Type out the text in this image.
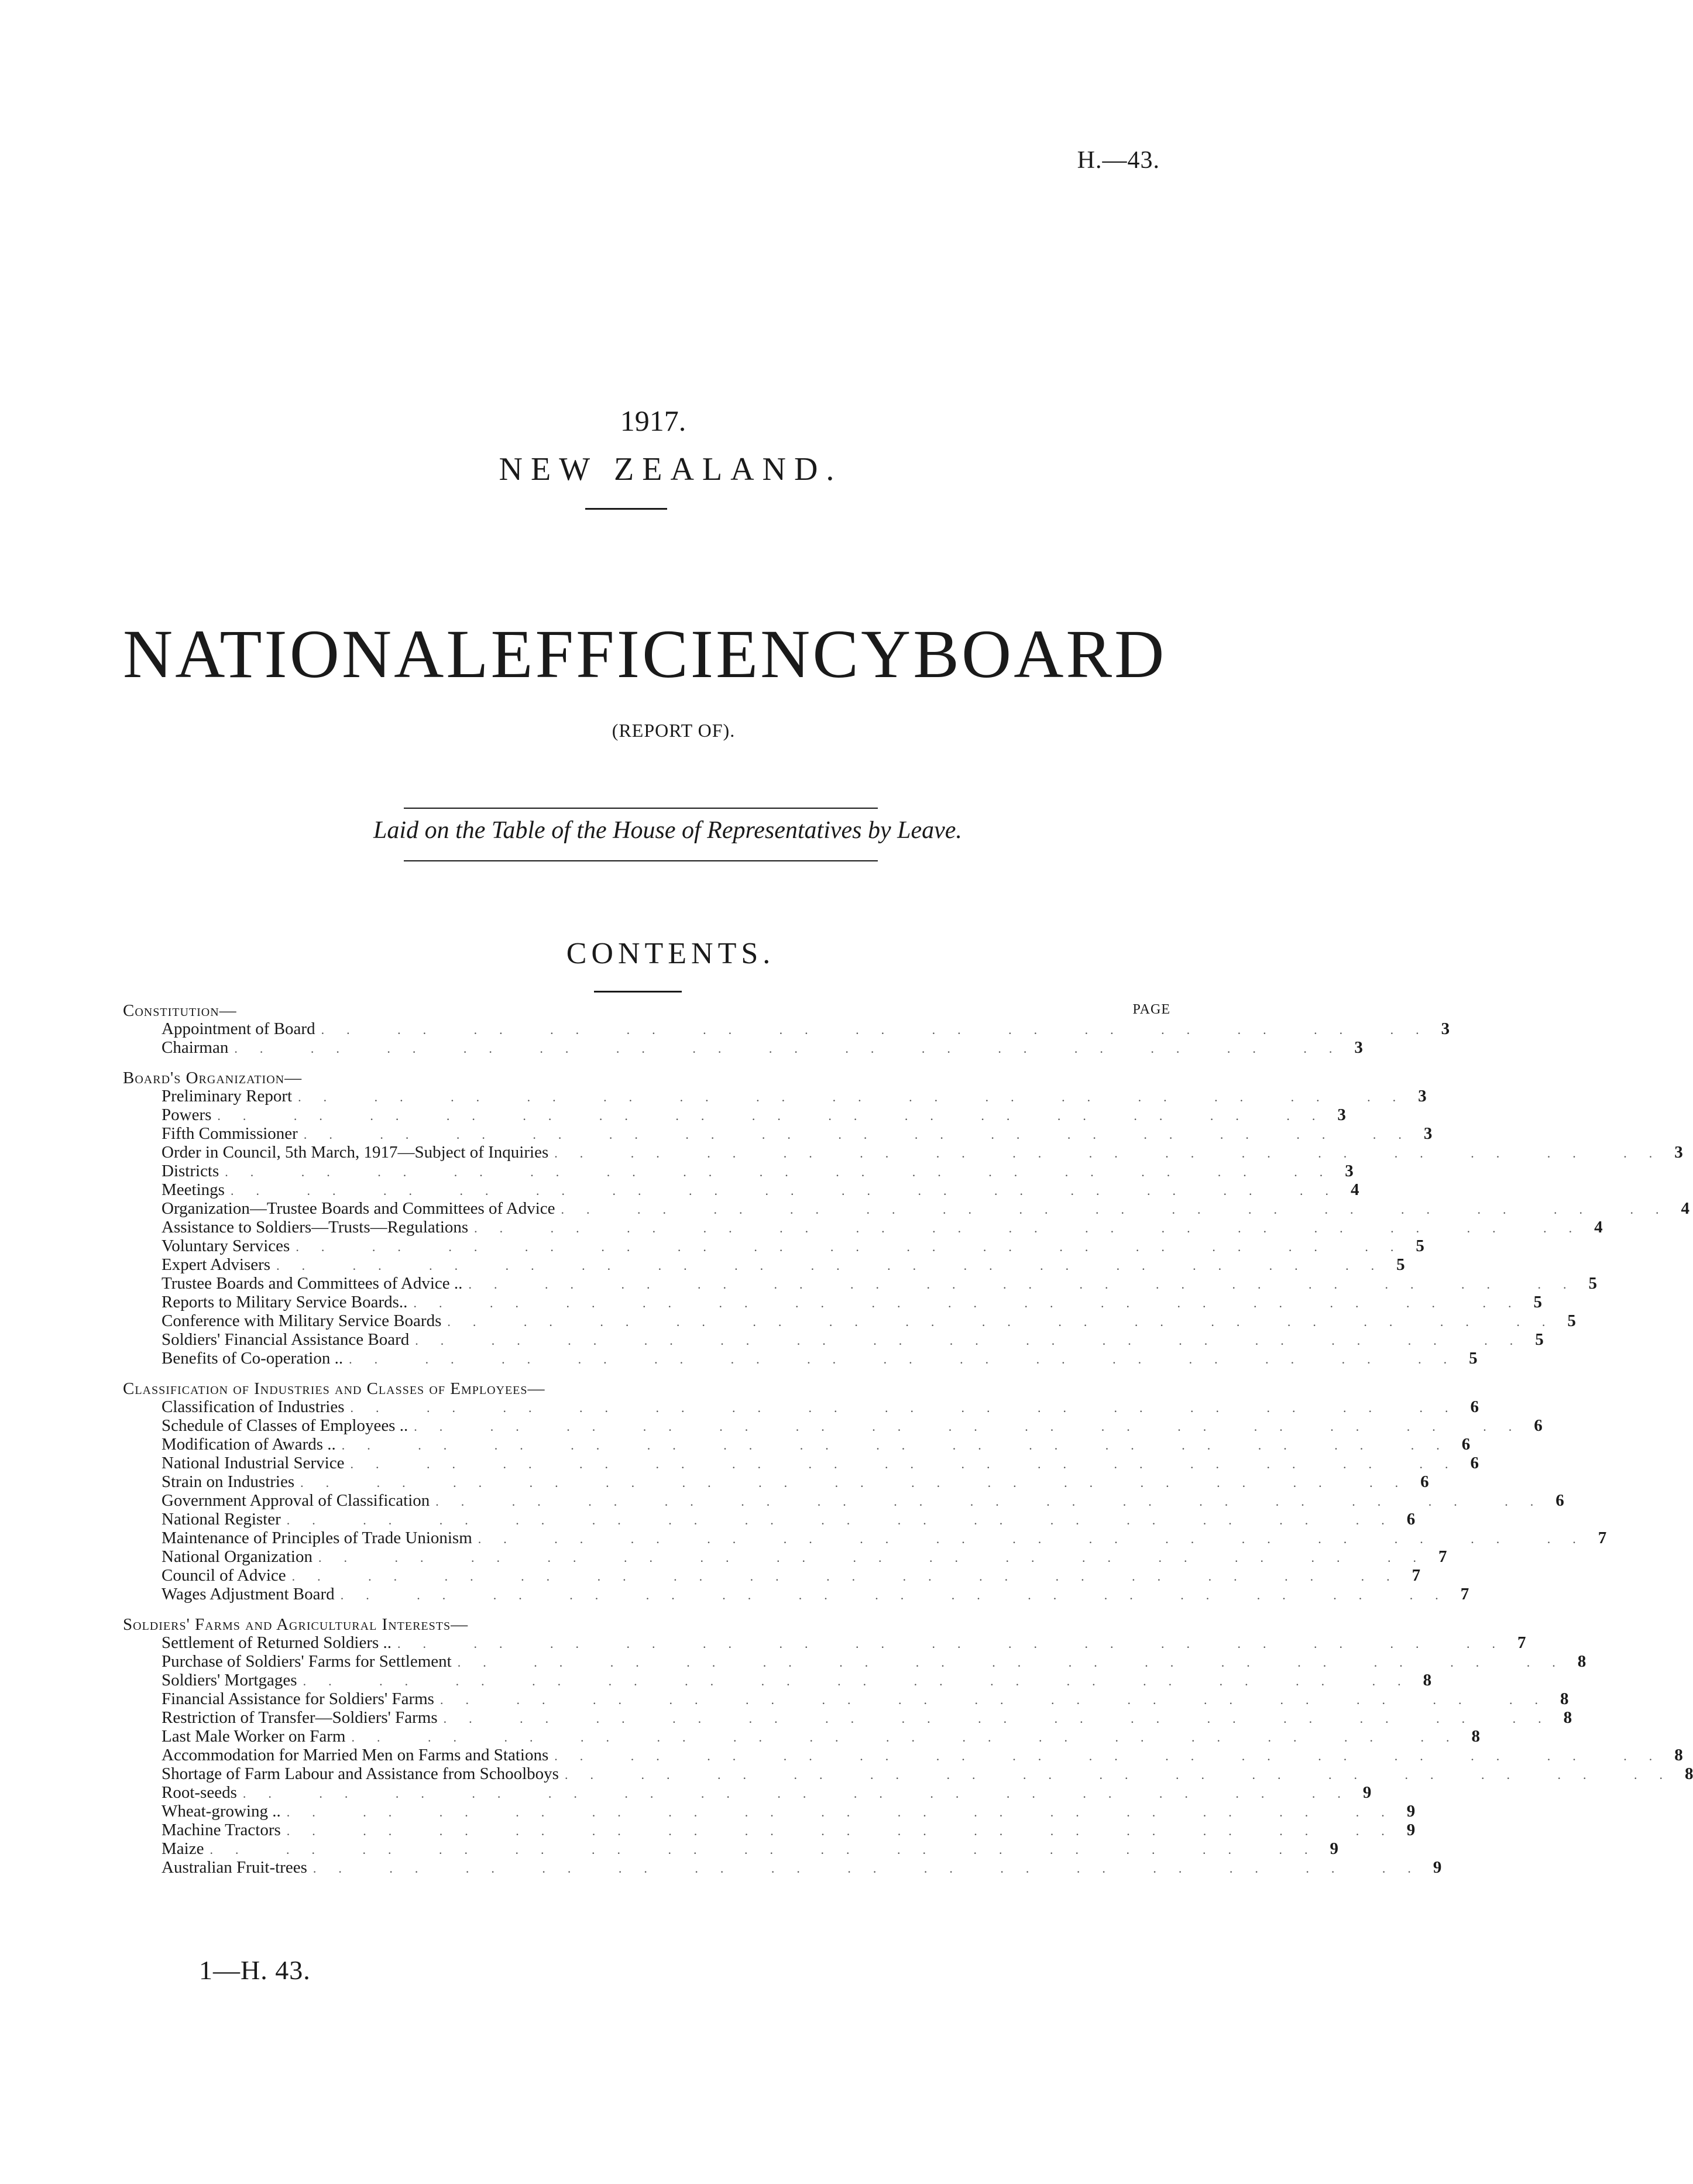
H.—43.
1917.
NEW ZEALAND.
NATIONAL EFFICIENCY BOARD
(REPORT OF).
Laid on the Table of the House of Representatives by Leave.
CONTENTS.
PAGE
Constitution—
Appointment of Board .. .. .. .. .. .. .. .. .. .. .. .. .. .. .. 3
Chairman .. .. .. .. .. .. .. .. .. .. .. .. .. .. .. 3
Board's Organization—
Preliminary Report .. .. .. .. .. .. .. .. .. .. .. .. .. .. .. 3
Powers .. .. .. .. .. .. .. .. .. .. .. .. .. .. .. 3
Fifth Commissioner .. .. .. .. .. .. .. .. .. .. .. .. .. .. .. 3
Order in Council, 5th March, 1917—Subject of Inquiries .. .. .. .. .. .. .. .. .. .. .. .. .. .. .. 3
Districts .. .. .. .. .. .. .. .. .. .. .. .. .. .. .. 3
Meetings .. .. .. .. .. .. .. .. .. .. .. .. .. .. .. 4
Organization—Trustee Boards and Committees of Advice .. .. .. .. .. .. .. .. .. .. .. .. .. .. .. 4
Assistance to Soldiers—Trusts—Regulations .. .. .. .. .. .. .. .. .. .. .. .. .. .. .. 4
Voluntary Services .. .. .. .. .. .. .. .. .. .. .. .. .. .. .. 5
Expert Advisers .. .. .. .. .. .. .. .. .. .. .. .. .. .. .. 5
Trustee Boards and Committees of Advice .. .. .. .. .. .. .. .. .. .. .. .. .. .. .. .. 5
Reports to Military Service Boards.. .. .. .. .. .. .. .. .. .. .. .. .. .. .. .. 5
Conference with Military Service Boards .. .. .. .. .. .. .. .. .. .. .. .. .. .. .. 5
Soldiers' Financial Assistance Board .. .. .. .. .. .. .. .. .. .. .. .. .. .. .. 5
Benefits of Co-operation .. .. .. .. .. .. .. .. .. .. .. .. .. .. .. .. 5
Classification of Industries and Classes of Employees—
Classification of Industries .. .. .. .. .. .. .. .. .. .. .. .. .. .. .. 6
Schedule of Classes of Employees .. .. .. .. .. .. .. .. .. .. .. .. .. .. .. .. 6
Modification of Awards .. .. .. .. .. .. .. .. .. .. .. .. .. .. .. .. 6
National Industrial Service .. .. .. .. .. .. .. .. .. .. .. .. .. .. .. 6
Strain on Industries .. .. .. .. .. .. .. .. .. .. .. .. .. .. .. 6
Government Approval of Classification .. .. .. .. .. .. .. .. .. .. .. .. .. .. .. 6
National Register .. .. .. .. .. .. .. .. .. .. .. .. .. .. .. 6
Maintenance of Principles of Trade Unionism .. .. .. .. .. .. .. .. .. .. .. .. .. .. .. 7
National Organization .. .. .. .. .. .. .. .. .. .. .. .. .. .. .. 7
Council of Advice .. .. .. .. .. .. .. .. .. .. .. .. .. .. .. 7
Wages Adjustment Board .. .. .. .. .. .. .. .. .. .. .. .. .. .. .. 7
Soldiers' Farms and Agricultural Interests—
Settlement of Returned Soldiers .. .. .. .. .. .. .. .. .. .. .. .. .. .. .. .. 7
Purchase of Soldiers' Farms for Settlement .. .. .. .. .. .. .. .. .. .. .. .. .. .. .. 8
Soldiers' Mortgages .. .. .. .. .. .. .. .. .. .. .. .. .. .. .. 8
Financial Assistance for Soldiers' Farms .. .. .. .. .. .. .. .. .. .. .. .. .. .. .. 8
Restriction of Transfer—Soldiers' Farms .. .. .. .. .. .. .. .. .. .. .. .. .. .. .. 8
Last Male Worker on Farm .. .. .. .. .. .. .. .. .. .. .. .. .. .. .. 8
Accommodation for Married Men on Farms and Stations .. .. .. .. .. .. .. .. .. .. .. .. .. .. .. 8
Shortage of Farm Labour and Assistance from Schoolboys .. .. .. .. .. .. .. .. .. .. .. .. .. .. .. 8
Root-seeds .. .. .. .. .. .. .. .. .. .. .. .. .. .. .. 9
Wheat-growing .. .. .. .. .. .. .. .. .. .. .. .. .. .. .. .. 9
Machine Tractors .. .. .. .. .. .. .. .. .. .. .. .. .. .. .. 9
Maize .. .. .. .. .. .. .. .. .. .. .. .. .. .. .. 9
Australian Fruit-trees .. .. .. .. .. .. .. .. .. .. .. .. .. .. .. 9
1—H. 43.
